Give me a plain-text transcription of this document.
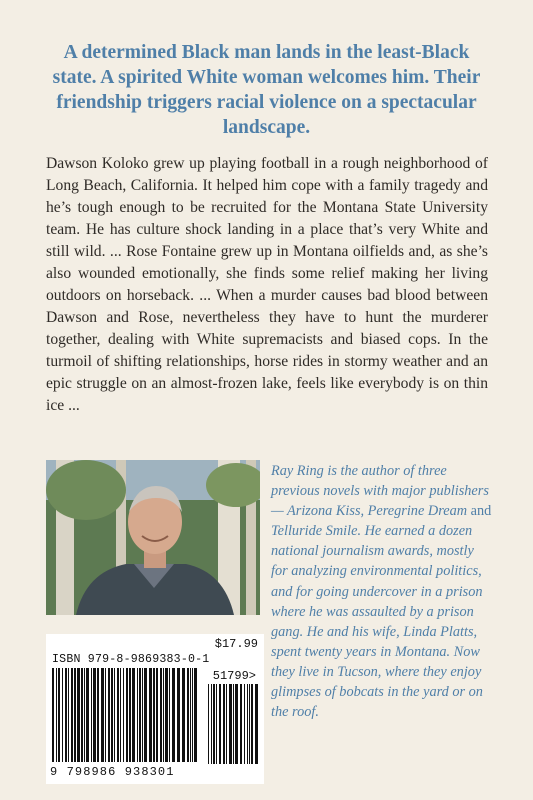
A determined Black man lands in the least-Black state. A spirited White woman welcomes him. Their friendship triggers racial violence on a spectacular landscape.
Dawson Koloko grew up playing football in a rough neighborhood of Long Beach, California. It helped him cope with a family tragedy and he’s tough enough to be recruited for the Montana State University team. He has culture shock landing in a place that’s very White and still wild. ... Rose Fontaine grew up in Montana oilfields and, as she’s also wounded emotionally, she finds some relief making her living outdoors on horseback. ... When a murder causes bad blood between Dawson and Rose, nevertheless they have to hunt the murderer together, dealing with White supremacists and biased cops. In the turmoil of shifting relationships, horse rides in stormy weather and an epic struggle on an almost-frozen lake, feels like everybody is on thin ice ...
Ray Ring is the author of three previous novels with major publishers — Arizona Kiss, Peregrine Dream and Telluride Smile. He earned a dozen national journalism awards, mostly for analyzing environmental politics, and for going undercover in a prison where he was assaulted by a prison gang. He and his wife, Linda Platts, spent twenty years in Montana. Now they live in Tucson, where they enjoy glimpses of bobcats in the yard or on the roof.
$17.99
ISBN 979-8-9869383-0-1
51799>
9 798986 938301
